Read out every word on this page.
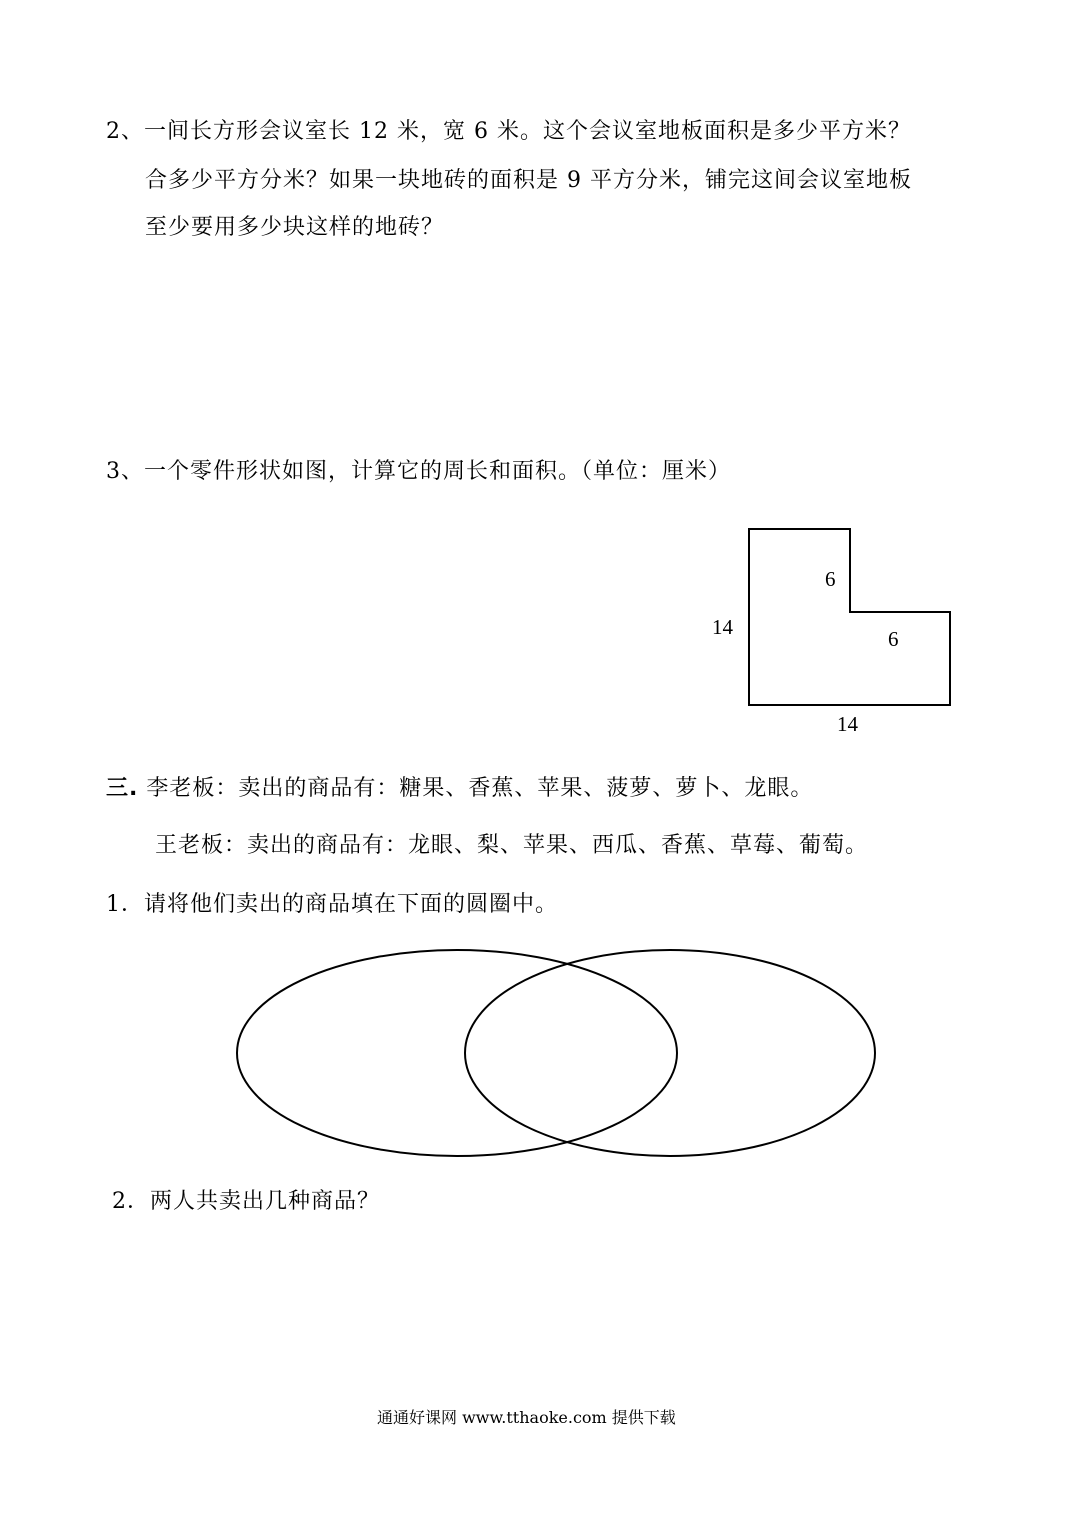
2、一间长方形会议室长 12 米，宽 6 米。这个会议室地板面积是多少平方米？
合多少平方分米？如果一块地砖的面积是 9 平方分米，铺完这间会议室地板
至少要用多少块这样的地砖？
3、一个零件形状如图，计算它的周长和面积。（单位：厘米）
14
6
6
14
三. 李老板：卖出的商品有：糖果、香蕉、苹果、菠萝、萝卜、龙眼。
王老板：卖出的商品有：龙眼、梨、苹果、西瓜、香蕉、草莓、葡萄。
1．请将他们卖出的商品填在下面的圆圈中。
2．两人共卖出几种商品？
通通好课网 www.tthaoke.com 提供下载
